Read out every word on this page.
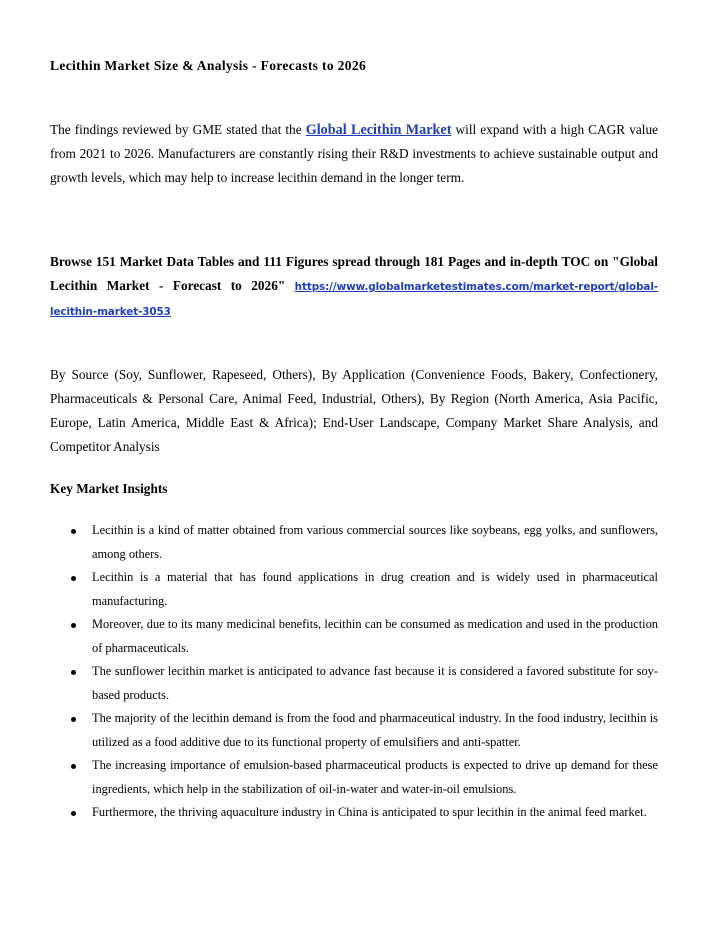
Lecithin Market Size & Analysis - Forecasts to 2026

The findings reviewed by GME stated that the Global Lecithin Market will expand with a high CAGR value from 2021 to 2026. Manufacturers are constantly rising their R&D investments to achieve sustainable output and growth levels, which may help to increase lecithin demand in the longer term.

Browse 151 Market Data Tables and 111 Figures spread through 181 Pages and in-depth TOC on "Global Lecithin Market - Forecast to 2026" https://www.globalmarketestimates.com/market-report/global-lecithin-market-3053

By Source (Soy, Sunflower, Rapeseed, Others), By Application (Convenience Foods, Bakery, Confectionery, Pharmaceuticals & Personal Care, Animal Feed, Industrial, Others), By Region (North America, Asia Pacific, Europe, Latin America, Middle East & Africa); End-User Landscape, Company Market Share Analysis, and Competitor Analysis

Key Market Insights
Lecithin is a kind of matter obtained from various commercial sources like soybeans, egg yolks, and sunflowers, among others.
Lecithin is a material that has found applications in drug creation and is widely used in pharmaceutical manufacturing.
Moreover, due to its many medicinal benefits, lecithin can be consumed as medication and used in the production of pharmaceuticals.
The sunflower lecithin market is anticipated to advance fast because it is considered a favored substitute for soy-based products.
The majority of the lecithin demand is from the food and pharmaceutical industry. In the food industry, lecithin is utilized as a food additive due to its functional property of emulsifiers and anti-spatter.
The increasing importance of emulsion-based pharmaceutical products is expected to drive up demand for these ingredients, which help in the stabilization of oil-in-water and water-in-oil emulsions.
Furthermore, the thriving aquaculture industry in China is anticipated to spur lecithin in the animal feed market.
